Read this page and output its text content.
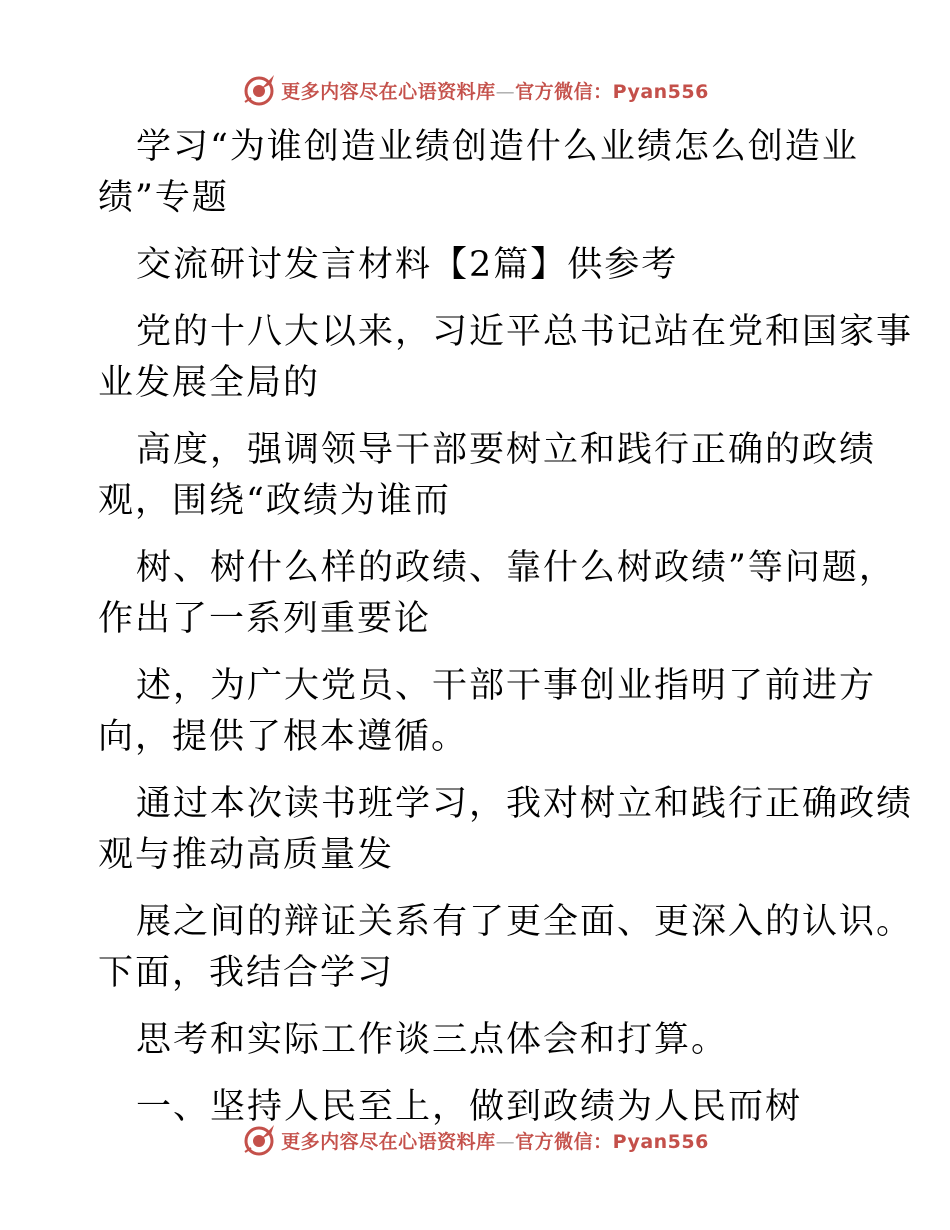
更多内容尽在心语资料库—官方微信：Pyan556

学习“为谁创造业绩创造什么业绩怎么创造业
绩”专题

交流研讨发言材料【2篇】供参考

党的十八大以来，习近平总书记站在党和国家事
业发展全局的

高度，强调领导干部要树立和践行正确的政绩
观，围绕“政绩为谁而

树、树什么样的政绩、靠什么树政绩”等问题，
作出了一系列重要论

述，为广大党员、干部干事创业指明了前进方
向，提供了根本遵循。

通过本次读书班学习，我对树立和践行正确政绩
观与推动高质量发

展之间的辩证关系有了更全面、更深入的认识。
下面，我结合学习

思考和实际工作谈三点体会和打算。

一、坚持人民至上，做到政绩为人民而树

更多内容尽在心语资料库—官方微信：Pyan556
